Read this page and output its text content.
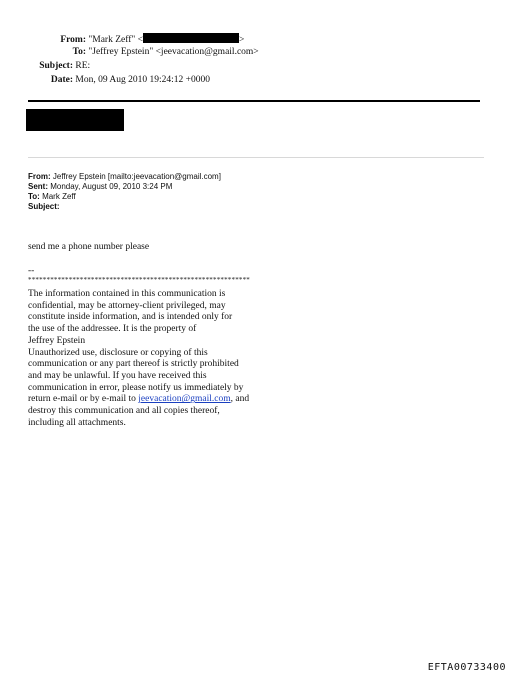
From: "Mark Zeff" <	>
To: "Jeffrey Epstein" <jeevacation@gmail.com>
Subject: RE:
Date: Mon, 09 Aug 2010 19:24:12 +0000
From: Jeffrey Epstein [mailto:jeevacation@gmail.com]
Sent: Monday, August 09, 2010 3:24 PM
To: Mark Zeff
Subject:
send me a phone number please
--
************************************************************
The information contained in this communication is
confidential, may be attorney-client privileged, may
constitute inside information, and is intended only for
the use of the addressee. It is the property of
Jeffrey Epstein
Unauthorized use, disclosure or copying of this
communication or any part thereof is strictly prohibited
and may be unlawful. If you have received this
communication in error, please notify us immediately by
return e-mail or by e-mail to jeevacation@gmail.com, and
destroy this communication and all copies thereof,
including all attachments.
EFTA00733400
